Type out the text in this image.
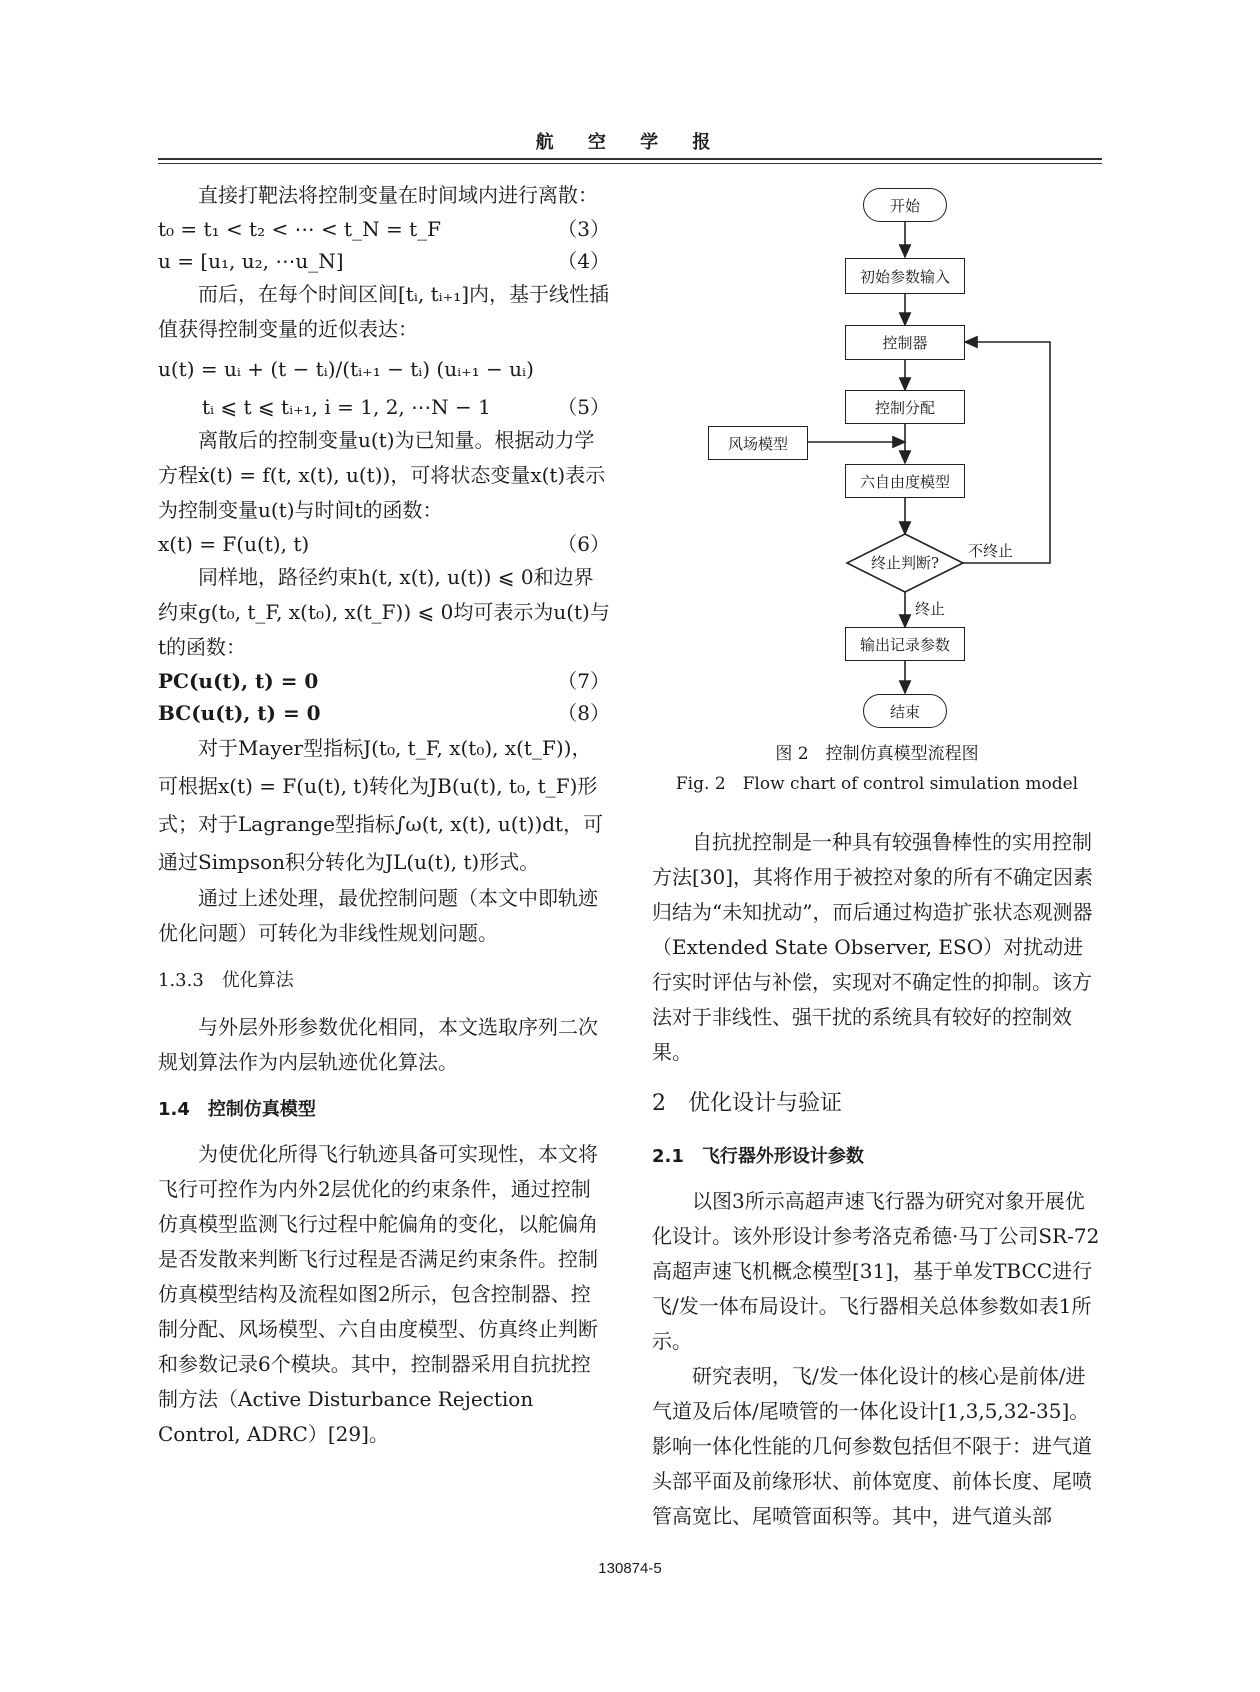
航 空 学 报

直接打靶法将控制变量在时间域内进行离散：

t₀ = t₁ < t₂ < ⋯ < t_N = t_F	（3）
u = [u₁, u₂, ⋯u_N]	（4）

而后，在每个时间区间[tᵢ, tᵢ₊₁]内，基于线性插值获得控制变量的近似表达：

u(t) = uᵢ + (t − tᵢ)/(tᵢ₊₁ − tᵢ) (uᵢ₊₁ − uᵢ)
tᵢ ⩽ t ⩽ tᵢ₊₁, i = 1, 2, ⋯N − 1	（5）

离散后的控制变量u(t)为已知量。根据动力学方程ẋ(t) = f(t, x(t), u(t))，可将状态变量x(t)表示为控制变量u(t)与时间t的函数：

x(t) = F(u(t), t)	（6）

同样地，路径约束h(t, x(t), u(t)) ⩽ 0和边界约束g(t₀, t_F, x(t₀), x(t_F)) ⩽ 0均可表示为u(t)与t的函数：

PC(u(t), t) = 0	（7）
BC(u(t), t) = 0	（8）

对于Mayer型指标J(t₀, t_F, x(t₀), x(t_F))，可根据x(t) = F(u(t), t)转化为JB(u(t), t₀, t_F)形式；对于Lagrange型指标∫ω(t, x(t), u(t))dt，可通过Simpson积分转化为JL(u(t), t)形式。

通过上述处理，最优控制问题（本文中即轨迹优化问题）可转化为非线性规划问题。

1.3.3　优化算法

与外层外形参数优化相同，本文选取序列二次规划算法作为内层轨迹优化算法。

1.4　控制仿真模型

为使优化所得飞行轨迹具备可实现性，本文将飞行可控作为内外2层优化的约束条件，通过控制仿真模型监测飞行过程中舵偏角的变化，以舵偏角是否发散来判断飞行过程是否满足约束条件。控制仿真模型结构及流程如图2所示，包含控制器、控制分配、风场模型、六自由度模型、仿真终止判断和参数记录6个模块。其中，控制器采用自抗扰控制方法（Active Disturbance Rejection Control, ADRC）[29]。

开始
初始参数输入
控制器
控制分配
风场模型
六自由度模型
终止判断?
不终止
终止
输出记录参数
结束
图 2　控制仿真模型流程图
Fig. 2　Flow chart of control simulation model

自抗扰控制是一种具有较强鲁棒性的实用控制方法[30]，其将作用于被控对象的所有不确定因素归结为“未知扰动”，而后通过构造扩张状态观测器（Extended State Observer, ESO）对扰动进行实时评估与补偿，实现对不确定性的抑制。该方法对于非线性、强干扰的系统具有较好的控制效果。

2　优化设计与验证

2.1　飞行器外形设计参数

以图3所示高超声速飞行器为研究对象开展优化设计。该外形设计参考洛克希德·马丁公司SR-72高超声速飞机概念模型[31]，基于单发TBCC进行飞/发一体布局设计。飞行器相关总体参数如表1所示。

研究表明，飞/发一体化设计的核心是前体/进气道及后体/尾喷管的一体化设计[1,3,5,32-35]。影响一体化性能的几何参数包括但不限于：进气道头部平面及前缘形状、前体宽度、前体长度、尾喷管高宽比、尾喷管面积等。其中，进气道头部

130874-5
